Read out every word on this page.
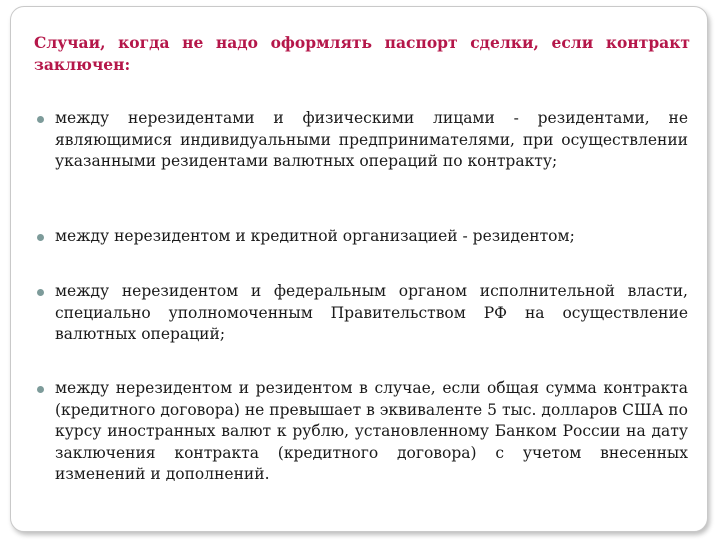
Случаи, когда не надо оформлять паспорт сделки, если контракт
заключен:

между нерезидентами и физическими лицами - резидентами, не являющимися индивидуальными предпринимателями, при осуществлении указанными резидентами валютных операций по контракту;

между нерезидентом и кредитной организацией - резидентом;

между нерезидентом и федеральным органом исполнительной власти, специально уполномоченным Правительством РФ на осуществление валютных операций;

между нерезидентом и резидентом в случае, если общая сумма контракта (кредитного договора) не превышает в эквиваленте 5 тыс. долларов США по курсу иностранных валют к рублю, установленному Банком России на дату заключения контракта (кредитного договора) с учетом внесенных изменений и дополнений.
